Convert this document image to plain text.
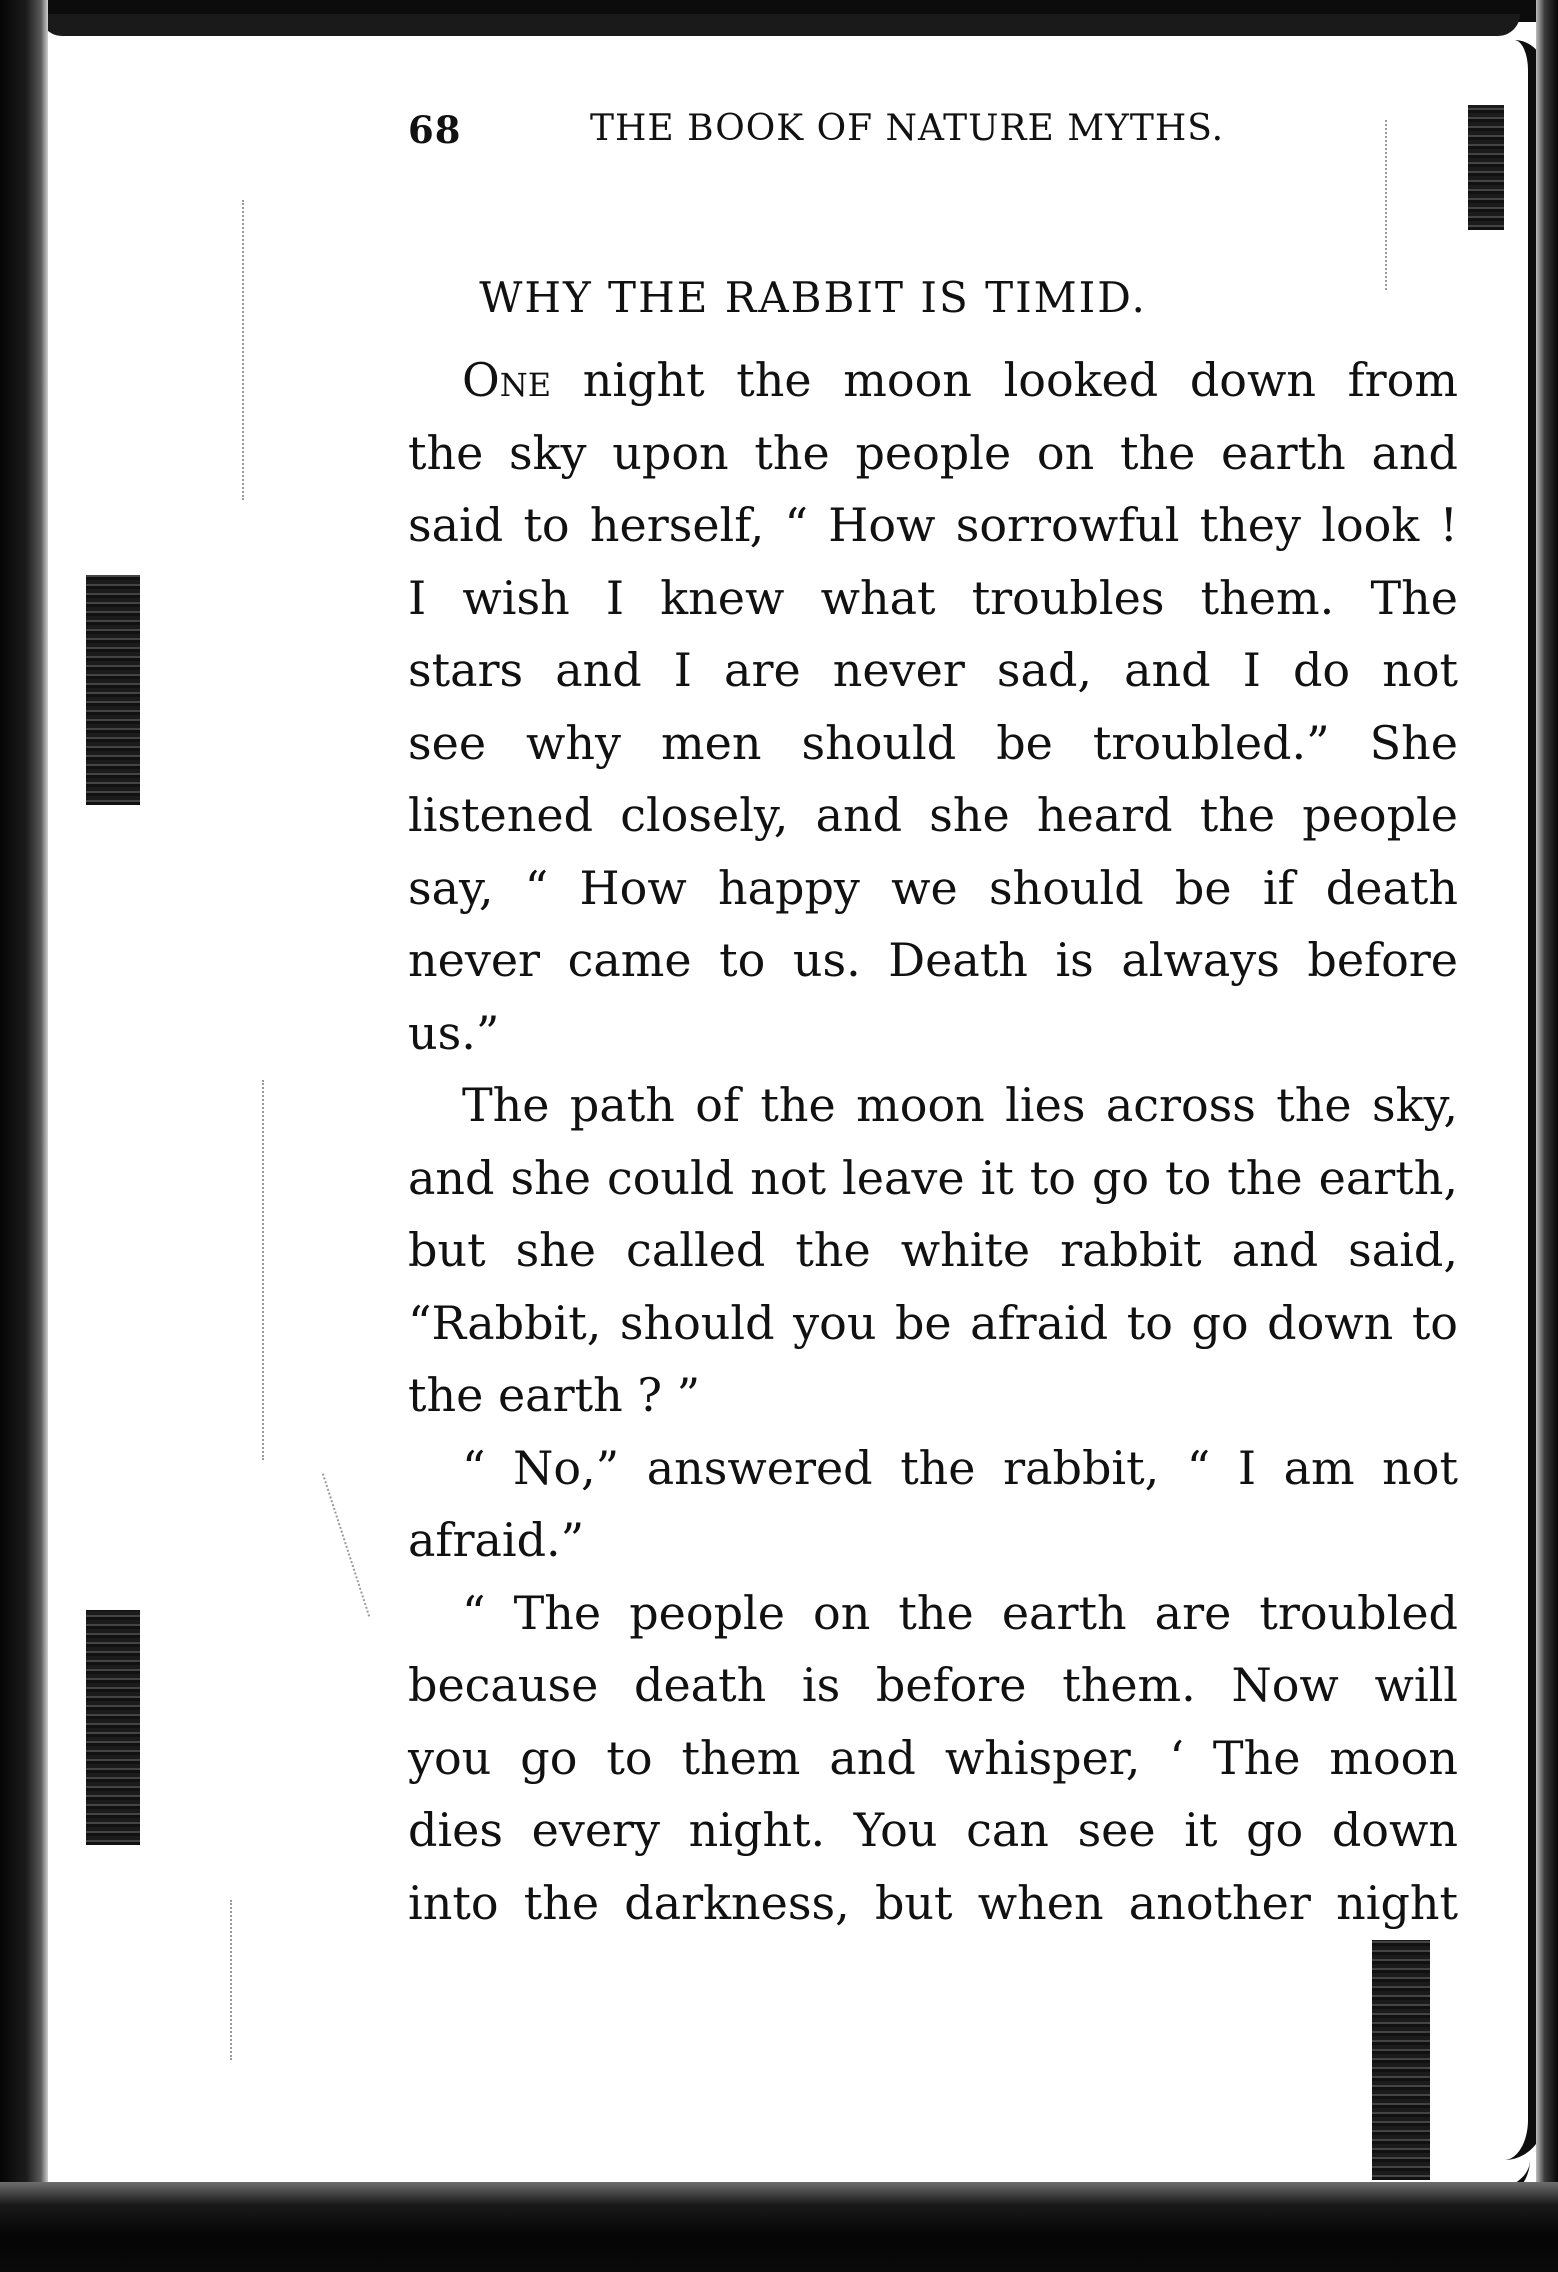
68	THE BOOK OF NATURE MYTHS.
WHY THE RABBIT IS TIMID.
One night the moon looked down from
the sky upon the people on the earth and
said to herself, “ How sorrowful they look !
I wish I knew what troubles them. The
stars and I are never sad, and I do not
see why men should be troubled.” She
listened closely, and she heard the people
say, “ How happy we should be if death
never came to us. Death is always before
us.”
The path of the moon lies across the sky,
and she could not leave it to go to the earth,
but she called the white rabbit and said,
“Rabbit, should you be afraid to go down to
the earth ? ”
“ No,” answered the rabbit, “ I am not
afraid.”
“ The people on the earth are troubled
because death is before them. Now will
you go to them and whisper, ‘ The moon
dies every night. You can see it go down
into the darkness, but when another night
